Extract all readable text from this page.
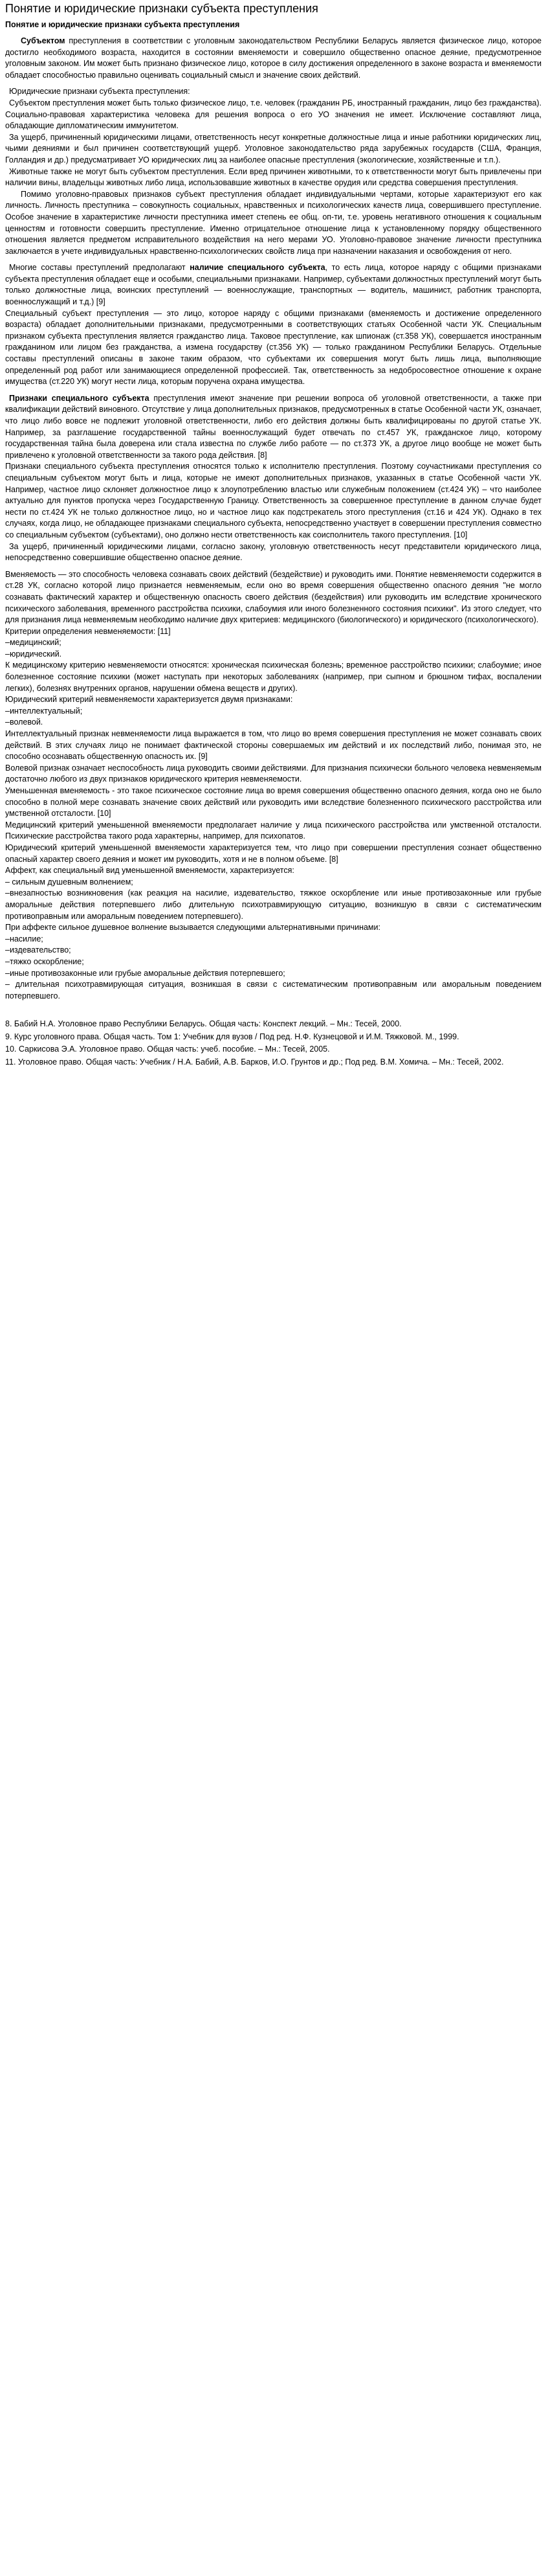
Понятие и юридические признаки субъекта преступления
Понятие и юридические признаки субъекта преступления

Субъектом преступления в соответствии с уголовным законодательством Республики Беларусь является физическое лицо, которое достигло необходимого возраста, находится в состоянии вменяемости и совершило общественно опасное деяние, предусмотренное уголовным законом. Им может быть признано физическое лицо, которое в силу достижения определенного в законе возраста и вменяемости обладает способностью правильно оценивать социальный смысл и значение своих действий.

Юридические признаки субъекта преступления:

Субъектом преступления может быть только физическое лицо, т.е. человек (гражданин РБ, иностранный гражданин, лицо без гражданства). Социально-правовая характеристика человека для решения вопроса о его УО значения не имеет. Исключение составляют лица, обладающие дипломатическим иммунитетом.

За ущерб, причиненный юридическими лицами, ответственность несут конкретные должностные лица и иные работники юридических лиц, чьими деяниями и был причинен соответствующий ущерб. Уголовное законодательство ряда зарубежных государств (США, Франция, Голландия и др.) предусматривает УО юридических лиц за наиболее опасные преступления (экологические, хозяйственные и т.п.).

Животные также не могут быть субъектом преступления. Если вред причинен животными, то к ответственности могут быть привлечены при наличии вины, владельцы животных либо лица, использовавшие животных в качестве орудия или средства совершения преступления.

Помимо уголовно-правовых признаков субъект преступления обладает индивидуальными чертами, которые характеризуют его как личность. Личность преступника – совокупность социальных, нравственных и психологических качеств лица, совершившего преступление. Особое значение в характеристике личности преступника имеет степень ее общ. оп-ти, т.е. уровень негативного отношения к социальным ценностям и готовности совершить преступление. Именно отрицательное отношение лица к установленному порядку общественного отношения является предметом исправительного воздействия на него мерами УО. Уголовно-правовое значение личности преступника заключается в учете индивидуальных нравственно-психологических свойств лица при назначении наказания и освобождения от него.

Многие составы преступлений предполагают наличие специального субъекта, то есть лица, которое наряду с общими признаками субъекта преступления обладает еще и особыми, специальными признаками. Например, субъектами должностных преступлений могут быть только должностные лица, воинских преступлений — военнослужащие, транспортных — водитель, машинист, работник транспорта, военнослужащий и т.д.) [9]

Специальный субъект преступления — это лицо, которое наряду с общими признаками (вменяемость и достижение определенного возраста) обладает дополнительными признаками, предусмотренными в соответствующих статьях Особенной части УК. Специальным признаком субъекта преступления является гражданство лица. Таковое преступление, как шпионаж (ст.358 УК), совершается иностранным гражданином или лицом без гражданства, а измена государству (ст.356 УК) — только гражданином Республики Беларусь. Отдельные составы преступлений описаны в законе таким образом, что субъектами их совершения могут быть лишь лица, выполняющие определенный род работ или занимающиеся определенной профессией. Так, ответственность за недобросовестное отношение к охране имущества (ст.220 УК) могут нести лица, которым поручена охрана имущества.

Признаки специального субъекта преступления имеют значение при решении вопроса об уголовной ответственности, а также при квалификации действий виновного. Отсутствие у лица дополнительных признаков, предусмотренных в статье Особенной части УК, означает, что лицо либо вовсе не подлежит уголовной ответственности, либо его действия должны быть квалифицированы по другой статье УК. Например, за разглашение государственной тайны военнослужащий будет отвечать по ст.457 УК, гражданское лицо, которому государственная тайна была доверена или стала известна по службе либо работе — по ст.373 УК, а другое лицо вообще не может быть привлечено к уголовной ответственности за такого рода действия. [8]

Признаки специального субъекта преступления относятся только к исполнителю преступления. Поэтому соучастниками преступления со специальным субъектом могут быть и лица, которые не имеют дополнительных признаков, указанных в статье Особенной части УК. Например, частное лицо склоняет должностное лицо к злоупотреблению властью или служебным положением (ст.424 УК) – что наиболее актуально для пунктов пропуска через Государственную Границу. Ответственность за совершенное преступление в данном случае будет нести по ст.424 УК не только должностное лицо, но и частное лицо как подстрекатель этого преступления (ст.16 и 424 УК). Однако в тех случаях, когда лицо, не обладающее признаками специального субъекта, непосредственно участвует в совершении преступления совместно со специальным субъектом (субъектами), оно должно нести ответственность как соисполнитель такого преступления. [10]

За ущерб, причиненный юридическими лицами, согласно закону, уголовную ответственность несут представители юридического лица, непосредственно совершившие общественно опасное деяние.

Вменяемость — это способность человека сознавать своих действий (бездействие) и руководить ими. Понятие невменяемости содержится в ст.28 УК, согласно которой лицо признается невменяемым, если оно во время совершения общественно опасного деяния "не могло сознавать фактический характер и общественную опасность своего действия (бездействия) или руководить им вследствие хронического психического заболевания, временного расстройства психики, слабоумия или иного болезненного состояния психики". Из этого следует, что для признания лица невменяемым необходимо наличие двух критериев: медицинского (биологического) и юридического (психологического).

Критерии определения невменяемости: [11]

–медицинский;

–юридический.

К медицинскому критерию невменяемости относятся: хроническая психическая болезнь; временное расстройство психики; слабоумие; иное болезненное состояние психики (может наступать при некоторых заболеваниях (например, при сыпном и брюшном тифах, воспалении легких), болезнях внутренних органов, нарушении обмена веществ и других).

Юридический критерий невменяемости характеризуется двумя признаками:

–интеллектуальный;

–волевой.

Интеллектуальный признак невменяемости лица выражается в том, что лицо во время совершения преступления не может сознавать своих действий. В этих случаях лицо не понимает фактической стороны совершаемых им действий и их последствий либо, понимая это, не способно осознавать общественную опасность их. [9]

Волевой признак означает неспособность лица руководить своими действиями. Для признания психически больного человека невменяемым достаточно любого из двух признаков юридического критерия невменяемости.

Уменьшенная вменяемость - это такое психическое состояние лица во время совершения общественно опасного деяния, когда оно не было способно в полной мере сознавать значение своих действий или руководить ими вследствие болезненного психического расстройства или умственной отсталости. [10]

Медицинский критерий уменьшенной вменяемости предполагает наличие у лица психического расстройства или умственной отсталости. Психические расстройства такого рода характерны, например, для психопатов.

Юридический критерий уменьшенной вменяемости характеризуется тем, что лицо при совершении преступления сознает общественно опасный характер своего деяния и может им руководить, хотя и не в полном объеме. [8]

Аффект, как специальный вид уменьшенной вменяемости, характеризуется:

– сильным душевным волнением;

–внезапностью возникновения (как реакция на насилие, издевательство, тяжкое оскорбление или иные противозаконные или грубые аморальные действия потерпевшего либо длительную психотравмирующую ситуацию, возникшую в связи с систематическим противоправным или аморальным поведением потерпевшего).

При аффекте сильное душевное волнение вызывается следующими альтернативными причинами:

–насилие;

–издевательство;

–тяжко оскорбление;

–иные противозаконные или грубые аморальные действия потерпевшего;

– длительная психотравмирующая ситуация, возникшая в связи с систематическим противоправным или аморальным поведением потерпевшего.

8. Бабий Н.А. Уголовное право Республики Беларусь. Общая часть: Конспект лекций. – Мн.: Тесей, 2000.

9. Курс уголовного права. Общая часть. Том 1: Учебник для вузов / Под ред. Н.Ф. Кузнецовой и И.М. Тяжковой. М., 1999.

10. Саркисова Э.А. Уголовное право. Общая часть: учеб. пособие. – Мн.: Тесей, 2005.

11. Уголовное право. Общая часть: Учебник / Н.А. Бабий, А.В. Барков, И.О. Грунтов и др.; Под ред. В.М. Хомича. – Мн.: Тесей, 2002.
